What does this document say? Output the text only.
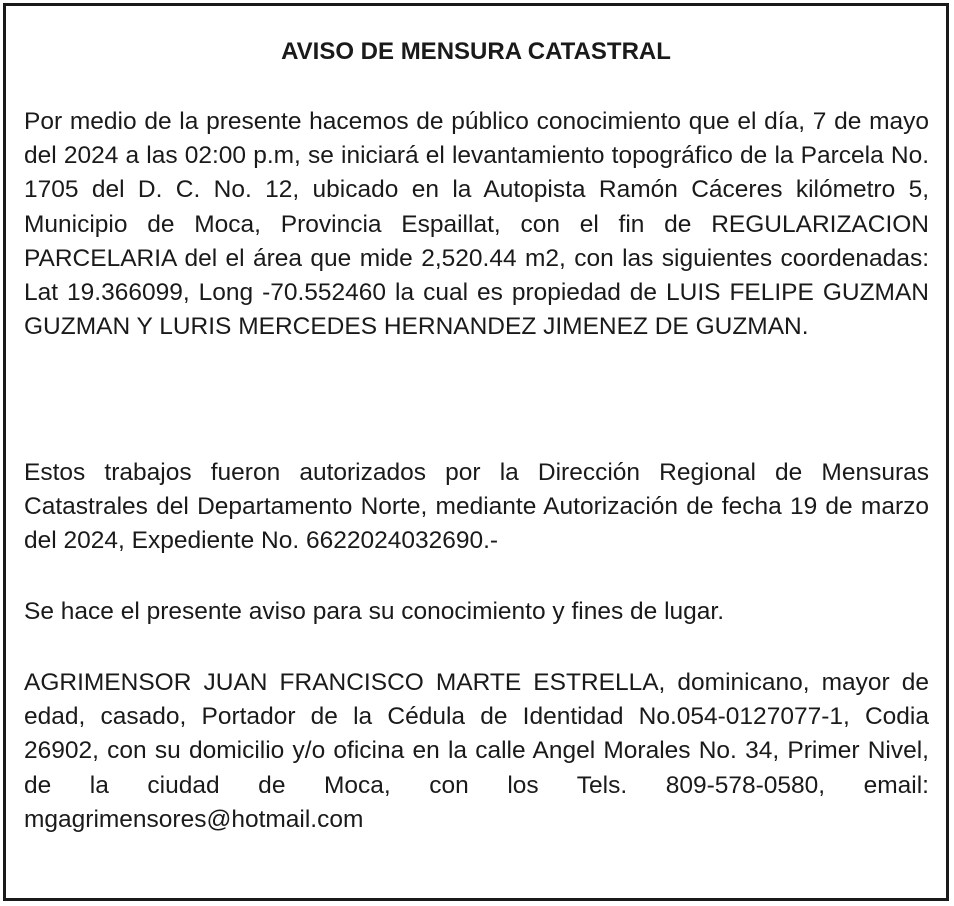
AVISO DE MENSURA CATASTRAL

Por medio de la presente hacemos de público conocimiento que el día, 7 de mayo del 2024 a las 02:00 p.m, se iniciará el levantamiento topográfico de la Parcela No. 1705 del D. C. No. 12, ubicado en la Autopista Ramón Cáceres kilómetro 5, Municipio de Moca, Provincia Espaillat, con el fin de REGULARIZACION PARCELARIA del el área que mide 2,520.44 m2, con las siguientes coordenadas: Lat 19.366099, Long -70.552460 la cual es propiedad de LUIS FELIPE GUZMAN GUZMAN Y LURIS MERCEDES HERNANDEZ JIMENEZ DE GUZMAN.

Estos trabajos fueron autorizados por la Dirección Regional de Mensuras Catastrales del Departamento Norte, mediante Autorización de fecha 19 de marzo del 2024, Expediente No. 6622024032690.-

Se hace el presente aviso para su conocimiento y fines de lugar.

AGRIMENSOR JUAN FRANCISCO MARTE ESTRELLA, dominicano, mayor de edad, casado, Portador de la Cédula de Identidad No.054-0127077-1, Codia 26902, con su domicilio y/o oficina en la calle Angel Morales No. 34, Primer Nivel, de la ciudad de Moca, con los Tels. 809-578-0580, email: mgagrimensores@hotmail.com
